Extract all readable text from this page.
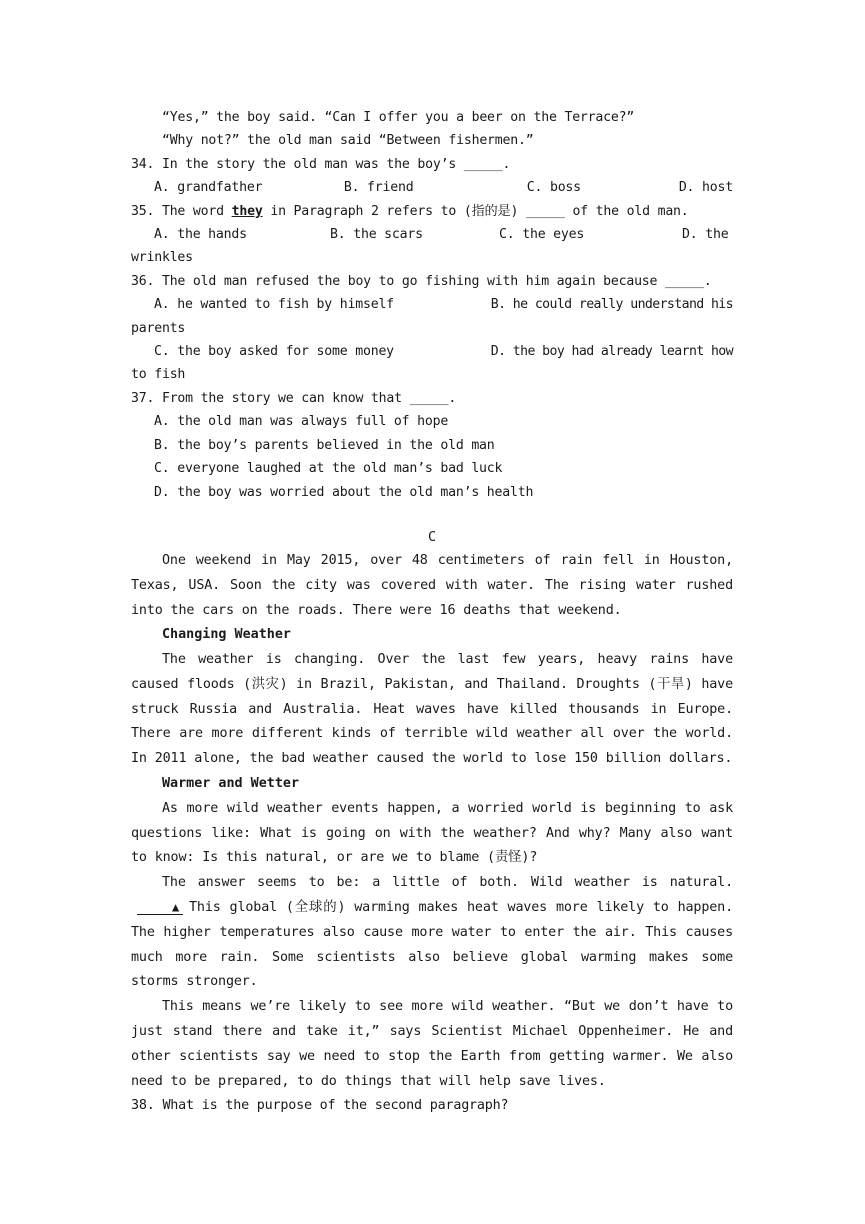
“Yes,” the boy said. “Can I offer you a beer on the Terrace?”
“Why not?” the old man said “Between fishermen.”
34. In the story the old man was the boy’s _____.
A. grandfather	B. friend	C. boss	D. host
35. The word they in Paragraph 2 refers to (指的是) _____ of the old man.
A. the hands	B. the scars	C. the eyes	D. the
wrinkles
36. The old man refused the boy to go fishing with him again because _____.
A. he wanted to fish by himself	B. he could really understand his
parents
C. the boy asked for some money	D. the boy had already learnt how
to fish
37. From the story we can know that _____.
A. the old man was always full of hope
B. the boy’s parents believed in the old man
C. everyone laughed at the old man’s bad luck
D. the boy was worried about the old man’s health
C
One weekend in May 2015, over 48 centimeters of rain fell in Houston, Texas, USA. Soon the city was covered with water. The rising water rushed into the cars on the roads. There were 16 deaths that weekend.
Changing Weather
The weather is changing. Over the last few years, heavy rains have caused floods (洪灾) in Brazil, Pakistan, and Thailand. Droughts (干旱) have struck Russia and Australia. Heat waves have killed thousands in Europe. There are more different kinds of terrible wild weather all over the world. In 2011 alone, the bad weather caused the world to lose 150 billion dollars.
Warmer and Wetter
As more wild weather events happen, a worried world is beginning to ask questions like: What is going on with the weather? And why? Many also want to know: Is this natural, or are we to blame (责怪)?
The answer seems to be: a little of both. Wild weather is natural.▲ This global (全球的) warming makes heat waves more likely to happen. The higher temperatures also cause more water to enter the air. This causes much more rain. Some scientists also believe global warming makes some storms stronger.
This means we’re likely to see more wild weather. “But we don’t have to just stand there and take it,” says Scientist Michael Oppenheimer. He and other scientists say we need to stop the Earth from getting warmer. We also need to be prepared, to do things that will help save lives.
38. What is the purpose of the second paragraph?
